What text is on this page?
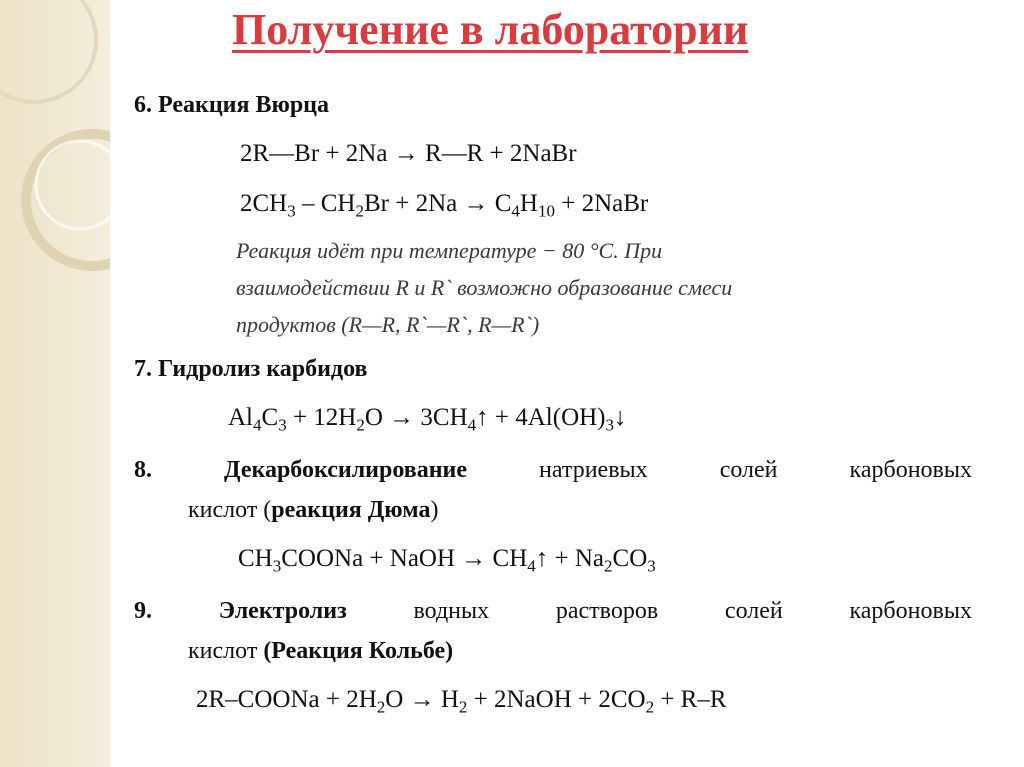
Получение в лаборатории
6. Реакция Вюрца
2R—Br + 2Na → R—R + 2NaBr
$2CH_3 - CH_2Br + 2Na \to C_4H_{10}$ + 2NaBr
Реакция идёт при температуре − 80 °С. При
взаимодействии R и R` возможно образование смеси
продуктов (R—R, R`—R`, R—R`)
7. Гидролиз карбидов
$Al_4C_3 + 12H_2O$ → $3CH_4↑$ + $4Al(OH)_3↓$
8.	Декарбоксилирование	натриевых	солей	карбоновых
кислот (реакция Дюма)
$CH_3COONa$ + NaOH → $CH_4↑ + Na_2CO_3$
9.	Электролиз	водных	растворов	солей	карбоновых
кислот (Реакция Кольбе)
2R–COONa + $2H_2O \to H_2$ + 2NaOH + $2CO_2 + R-R$
